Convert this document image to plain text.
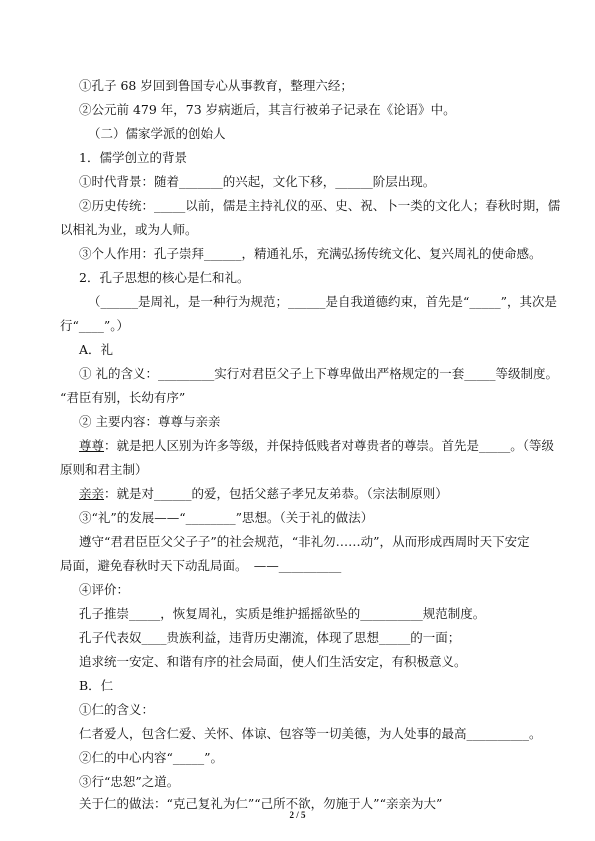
①孔子 68 岁回到鲁国专心从事教育，整理六经；
②公元前 479 年，73 岁病逝后，其言行被弟子记录在《论语》中。
（二）儒家学派的创始人
1．儒学创立的背景
①时代背景：随着_______的兴起，文化下移，______阶层出现。
②历史传统：_____以前，儒是主持礼仪的巫、史、祝、卜一类的文化人；春秋时期，儒
以相礼为业，或为人师。
③个人作用：孔子崇拜______，精通礼乐，充满弘扬传统文化、复兴周礼的使命感。
2．孔子思想的核心是仁和礼。
（______是周礼，是一种行为规范；______是自我道德约束，首先是“_____”，其次是
行“____”。）
A．礼
① 礼的含义：_________实行对君臣父子上下尊卑做出严格规定的一套_____等级制度。
“君臣有别，长幼有序”
② 主要内容：尊尊与亲亲
尊尊：就是把人区别为许多等级，并保持低贱者对尊贵者的尊崇。首先是_____。（等级
原则和君主制）
亲亲：就是对______的爱，包括父慈子孝兄友弟恭。（宗法制原则）
③“礼”的发展——“________”思想。（关于礼的做法）
遵守“君君臣臣父父子子”的社会规范，“非礼勿……动”，从而形成西周时天下安定
局面，避免春秋时天下动乱局面。　——__________
④评价：
孔子推崇_____，恢复周礼，实质是维护摇摇欲坠的__________规范制度。
孔子代表奴____贵族利益，违背历史潮流，体现了思想_____的一面；
追求统一安定、和谐有序的社会局面，使人们生活安定，有积极意义。
B．仁
①仁的含义：
仁者爱人，包含仁爱、关怀、体谅、包容等一切美德，为人处事的最高__________。
②仁的中心内容“_____”。
③行“忠恕”之道。
关于仁的做法：“克己复礼为仁”“己所不欲，勿施于人”“亲亲为大”
2 / 5
